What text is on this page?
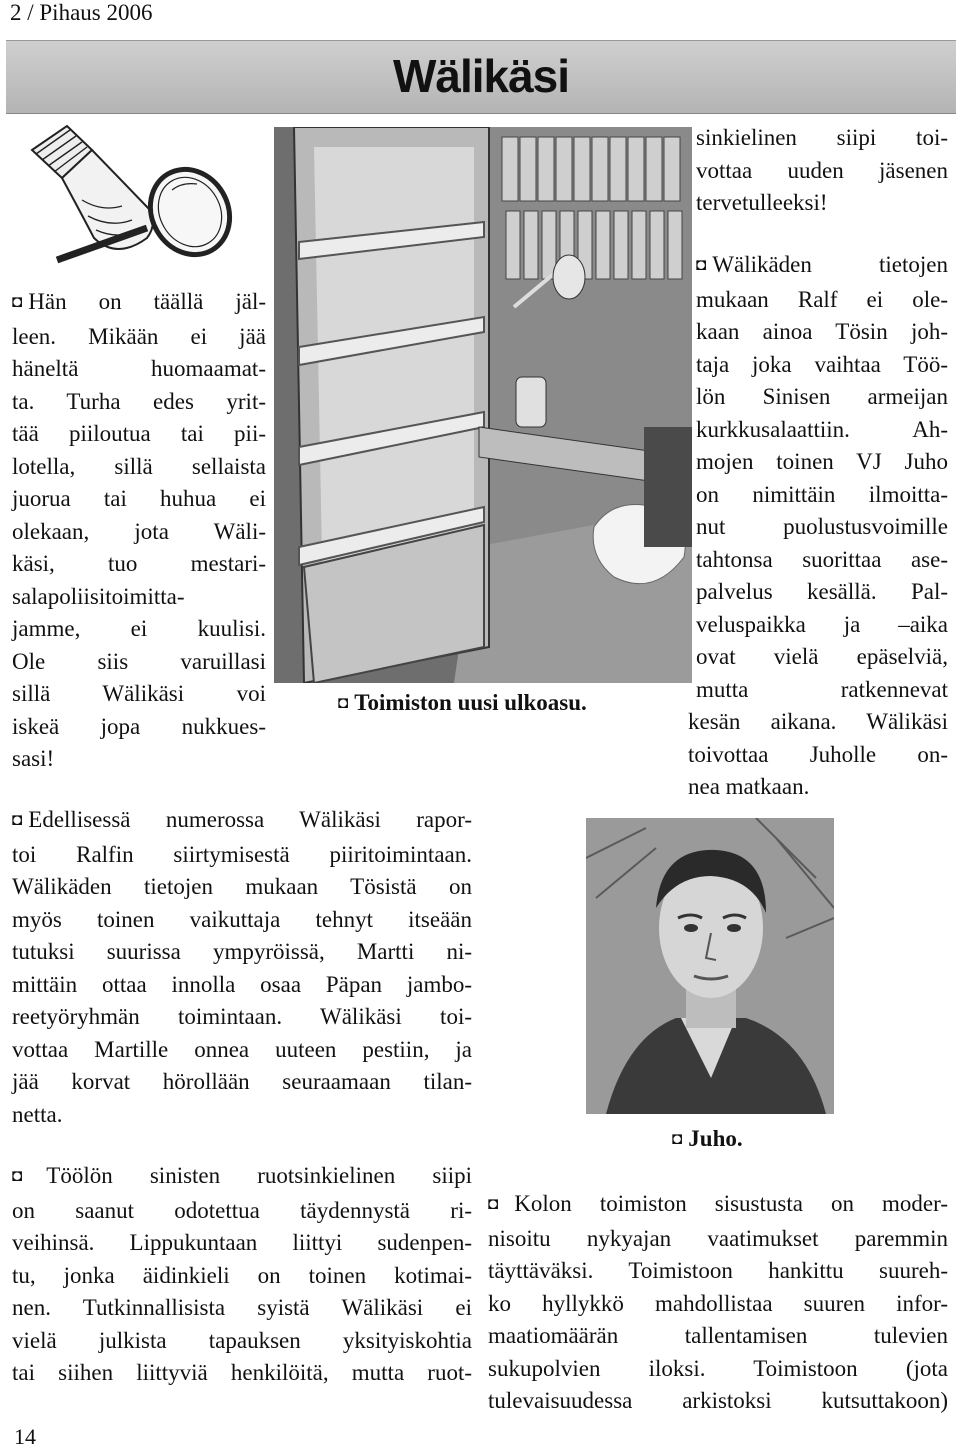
2 / Pihaus 2006
Wälikäsi
◘ Hän on täällä jäl-
leen. Mikään ei jää
häneltä huomaamat-
ta. Turha edes yrit-
tää piiloutua tai pii-
lotella, sillä sellaista
juorua tai huhua ei
olekaan, jota Wäli-
käsi, tuo mestari-
salapoliisitoimitta-
jamme, ei kuulisi.
Ole siis varuillasi
sillä Wälikäsi voi
iskeä jopa nukkues-
sasi!
◘ Toimiston uusi ulkoasu.
◘ Edellisessä numerossa Wälikäsi rapor-
toi Ralfin siirtymisestä piiritoimintaan.
Wälikäden tietojen mukaan Tösistä on
myös toinen vaikuttaja tehnyt itseään
tutuksi suurissa ympyröissä, Martti ni-
mittäin ottaa innolla osaa Päpan jambo-
reetyöryhmän toimintaan. Wälikäsi toi-
vottaa Martille onnea uuteen pestiin, ja
jää korvat hörollään seuraamaan tilan-
netta.
◘ Töölön sinisten ruotsinkielinen siipi
on saanut odotettua täydennystä ri-
veihinsä. Lippukuntaan liittyi sudenpen-
tu, jonka äidinkieli on toinen kotimai-
nen. Tutkinnallisista syistä Wälikäsi ei
vielä julkista tapauksen yksityiskohtia
tai siihen liittyviä henkilöitä, mutta ruot-
sinkielinen siipi toi-
vottaa uuden jäsenen
tervetulleeksi!
◘ Wälikäden tietojen
mukaan Ralf ei ole-
kaan ainoa Tösin joh-
taja joka vaihtaa Töö-
lön Sinisen armeijan
kurkkusalaattiin. Ah-
mojen toinen VJ Juho
on nimittäin ilmoitta-
nut puolustusvoimille
tahtonsa suorittaa ase-
palvelus kesällä. Pal-
veluspaikka ja –aika
ovat vielä epäselviä,
mutta ratkennevat
kesän aikana. Wälikäsi
toivottaa Juholle on-
nea matkaan.
◘ Juho.
◘ Kolon toimiston sisustusta on moder-
nisoitu nykyajan vaatimukset paremmin
täyttäväksi. Toimistoon hankittu suureh-
ko hyllykkö mahdollistaa suuren infor-
maatiomäärän tallentamisen tulevien
sukupolvien iloksi. Toimistoon (jota
tulevaisuudessa arkistoksi kutsuttakoon)
14
